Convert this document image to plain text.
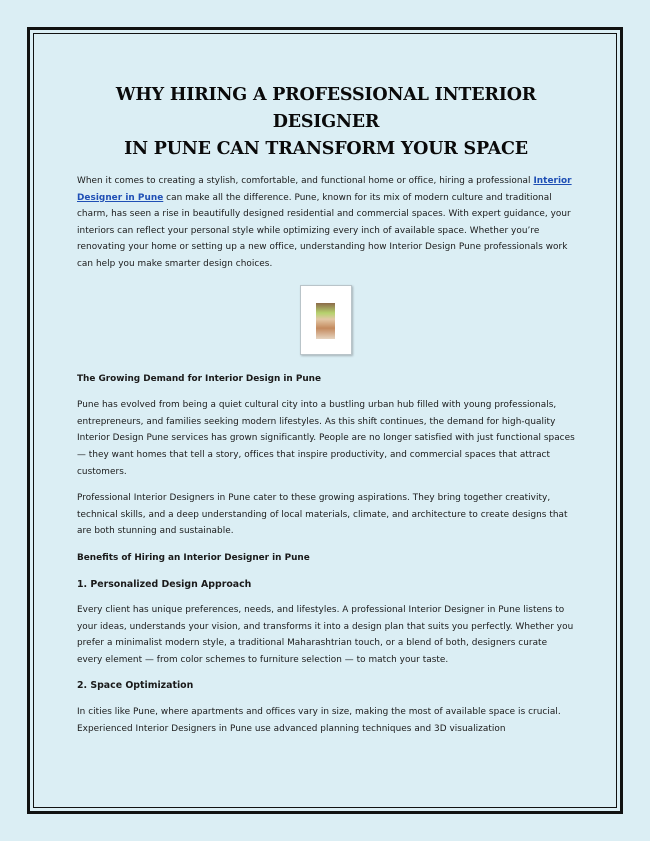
WHY HIRING A PROFESSIONAL INTERIOR DESIGNER
IN PUNE CAN TRANSFORM YOUR SPACE

When it comes to creating a stylish, comfortable, and functional home or office, hiring a professional Interior Designer in Pune can make all the difference. Pune, known for its mix of modern culture and traditional charm, has seen a rise in beautifully designed residential and commercial spaces. With expert guidance, your interiors can reflect your personal style while optimizing every inch of available space. Whether you’re renovating your home or setting up a new office, understanding how Interior Design Pune professionals work can help you make smarter design choices.

The Growing Demand for Interior Design in Pune

Pune has evolved from being a quiet cultural city into a bustling urban hub filled with young professionals, entrepreneurs, and families seeking modern lifestyles. As this shift continues, the demand for high-quality Interior Design Pune services has grown significantly. People are no longer satisfied with just functional spaces — they want homes that tell a story, offices that inspire productivity, and commercial spaces that attract customers.

Professional Interior Designers in Pune cater to these growing aspirations. They bring together creativity, technical skills, and a deep understanding of local materials, climate, and architecture to create designs that are both stunning and sustainable.

Benefits of Hiring an Interior Designer in Pune
1. Personalized Design Approach

Every client has unique preferences, needs, and lifestyles. A professional Interior Designer in Pune listens to your ideas, understands your vision, and transforms it into a design plan that suits you perfectly. Whether you prefer a minimalist modern style, a traditional Maharashtrian touch, or a blend of both, designers curate every element — from color schemes to furniture selection — to match your taste.

2. Space Optimization

In cities like Pune, where apartments and offices vary in size, making the most of available space is crucial. Experienced Interior Designers in Pune use advanced planning techniques and 3D visualization
